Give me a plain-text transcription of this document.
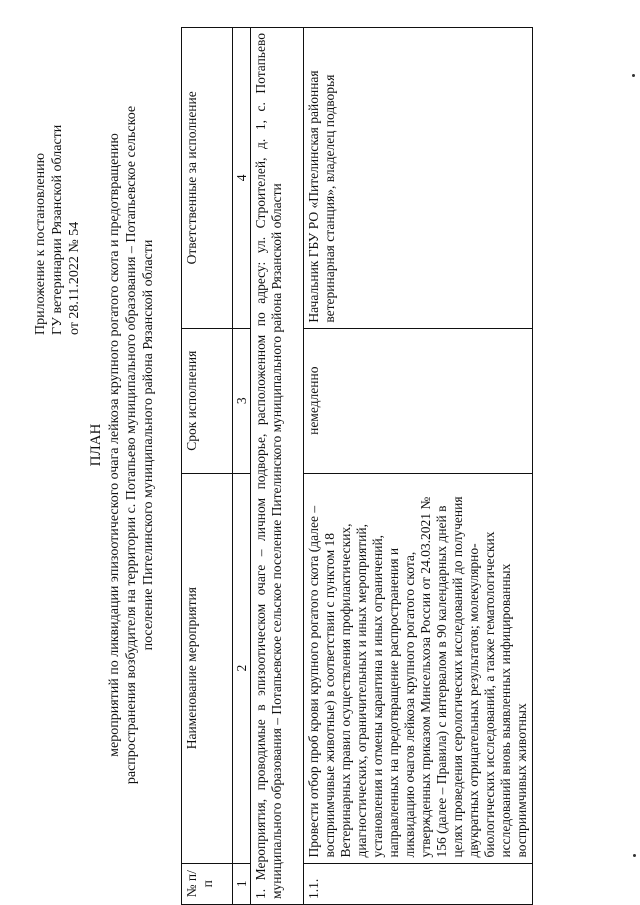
Приложение к постановлению ГУ ветеринарии Рязанской области от 28.11.2022 № 54
ПЛАН мероприятий по ликвидации эпизоотического очага лейкоза крупного рогатого скота и предотвращению распространения возбудителя на территории с. Потапьево муниципального образования – Потапьевское сельское поселение Пителинского муниципального района Рязанской области
№ п/п	Наименование мероприятия	Срок исполнения	Ответственные за исполнение
1	2	3	4
1. Мероприятия, проводимые в эпизоотическом очаге – личном подворье, расположенном по адресу: ул. Строителей, д. 1, с. Потапьево муниципального образования – Потапьевское сельское поселение Пителинского муниципального района Рязанской области			
1.1.	Провести отбор проб крови крупного рогатого скота (далее – восприимчивые животные) в соответствии с пунктом 18 Ветеринарных правил осуществления профилактических, диагностических, ограничительных и иных мероприятий, установления и отмены карантина и иных ограничений, направленных на предотвращение распространения и ликвидацию очагов лейкоза крупного рогатого скота, утвержденных приказом Минсельхоза России от 24.03.2021 № 156 (далее – Правила) с интервалом в 90 календарных дней в целях проведения серологических исследований до получения двукратных отрицательных результатов; молекулярно-биологических исследований, а также гематологических исследований вновь выявленных инфицированных восприимчивых животных	немедленно	Начальник ГБУ РО «Пителинская районная ветеринарная станция», владелец подворья
